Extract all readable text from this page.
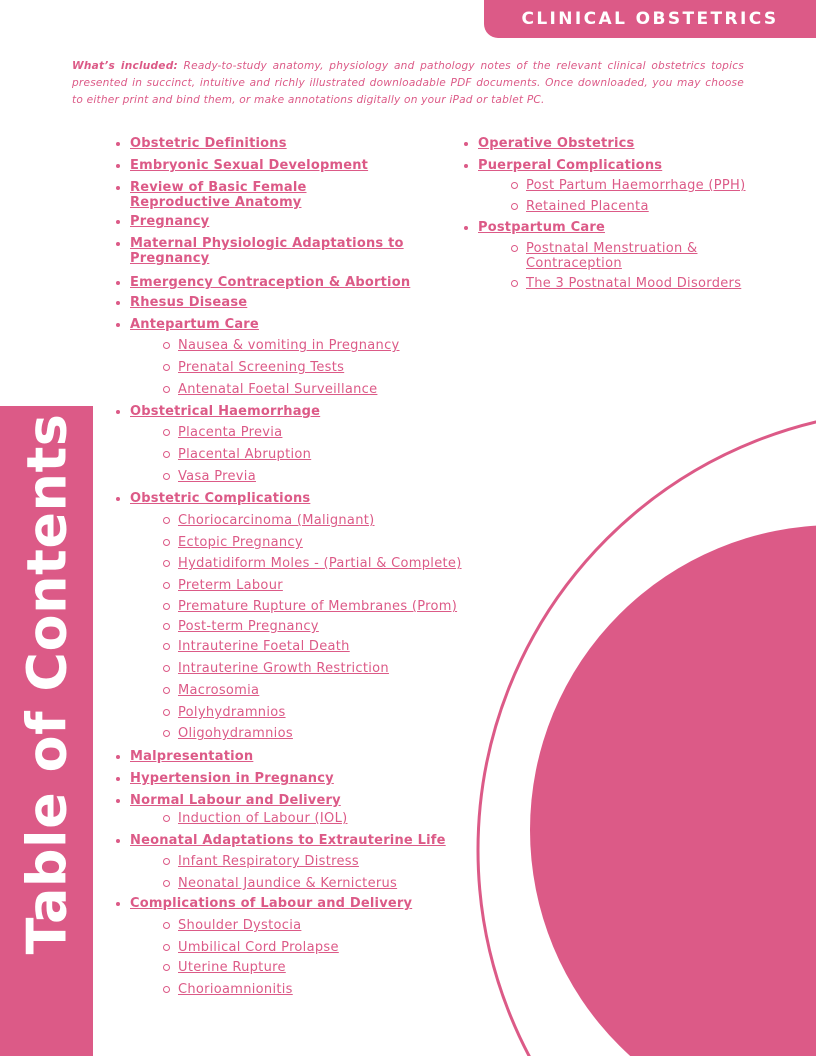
CLINICAL OBSTETRICS
What’s included: Ready-to-study anatomy, physiology and pathology notes of the relevant clinical obstetrics topics presented in succinct, intuitive and richly illustrated downloadable PDF documents. Once downloaded, you may choose to either print and bind them, or make annotations digitally on your iPad or tablet PC.
Table of Contents
Obstetric Definitions
Embryonic Sexual Development
Review of Basic Female Reproductive Anatomy
Pregnancy
Maternal Physiologic Adaptations to Pregnancy
Emergency Contraception & Abortion
Rhesus Disease
Antepartum Care
Nausea & vomiting in Pregnancy
Prenatal Screening Tests
Antenatal Foetal Surveillance
Obstetrical Haemorrhage
Placenta Previa
Placental Abruption
Vasa Previa
Obstetric Complications
Choriocarcinoma (Malignant)
Ectopic Pregnancy
Hydatidiform Moles - (Partial & Complete)
Preterm Labour
Premature Rupture of Membranes (Prom)
Post-term Pregnancy
Intrauterine Foetal Death
Intrauterine Growth Restriction
Macrosomia
Polyhydramnios
Oligohydramnios
Malpresentation
Hypertension in Pregnancy
Normal Labour and Delivery
Induction of Labour (IOL)
Neonatal Adaptations to Extrauterine Life
Infant Respiratory Distress
Neonatal Jaundice & Kernicterus
Complications of Labour and Delivery
Shoulder Dystocia
Umbilical Cord Prolapse
Uterine Rupture
Chorioamnionitis
Operative Obstetrics
Puerperal Complications
Post Partum Haemorrhage (PPH)
Retained Placenta
Postpartum Care
Postnatal Menstruation & Contraception
The 3 Postnatal Mood Disorders
